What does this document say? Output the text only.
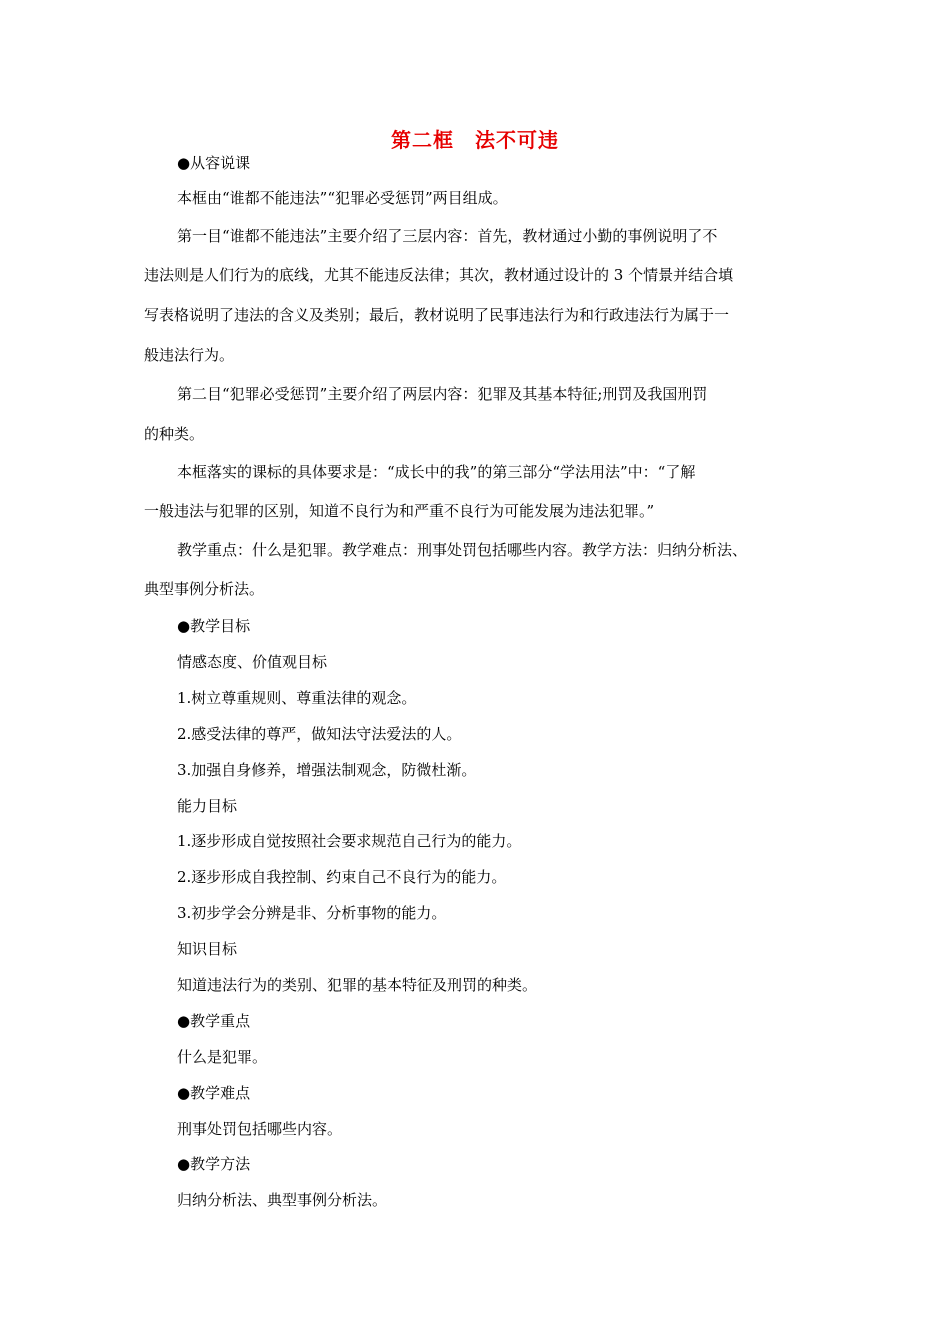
第二框　法不可违
●从容说课
本框由“谁都不能违法”“犯罪必受惩罚”两目组成。
第一目“谁都不能违法”主要介绍了三层内容：首先，教材通过小勤的事例说明了不
违法则是人们行为的底线，尤其不能违反法律；其次，教材通过设计的 3 个情景并结合填
写表格说明了违法的含义及类别；最后，教材说明了民事违法行为和行政违法行为属于一
般违法行为。
第二目“犯罪必受惩罚”主要介绍了两层内容：犯罪及其基本特征;刑罚及我国刑罚
的种类。
本框落实的课标的具体要求是：“成长中的我”的第三部分“学法用法”中：“了解
一般违法与犯罪的区别，知道不良行为和严重不良行为可能发展为违法犯罪。”
教学重点：什么是犯罪。教学难点：刑事处罚包括哪些内容。教学方法：归纳分析法、
典型事例分析法。
●教学目标
情感态度、价值观目标
1.树立尊重规则、尊重法律的观念。
2.感受法律的尊严，做知法守法爱法的人。
3.加强自身修养，增强法制观念，防微杜渐。
能力目标
1.逐步形成自觉按照社会要求规范自己行为的能力。
2.逐步形成自我控制、约束自己不良行为的能力。
3.初步学会分辨是非、分析事物的能力。
知识目标
知道违法行为的类别、犯罪的基本特征及刑罚的种类。
●教学重点
什么是犯罪。
●教学难点
刑事处罚包括哪些内容。
●教学方法
归纳分析法、典型事例分析法。
